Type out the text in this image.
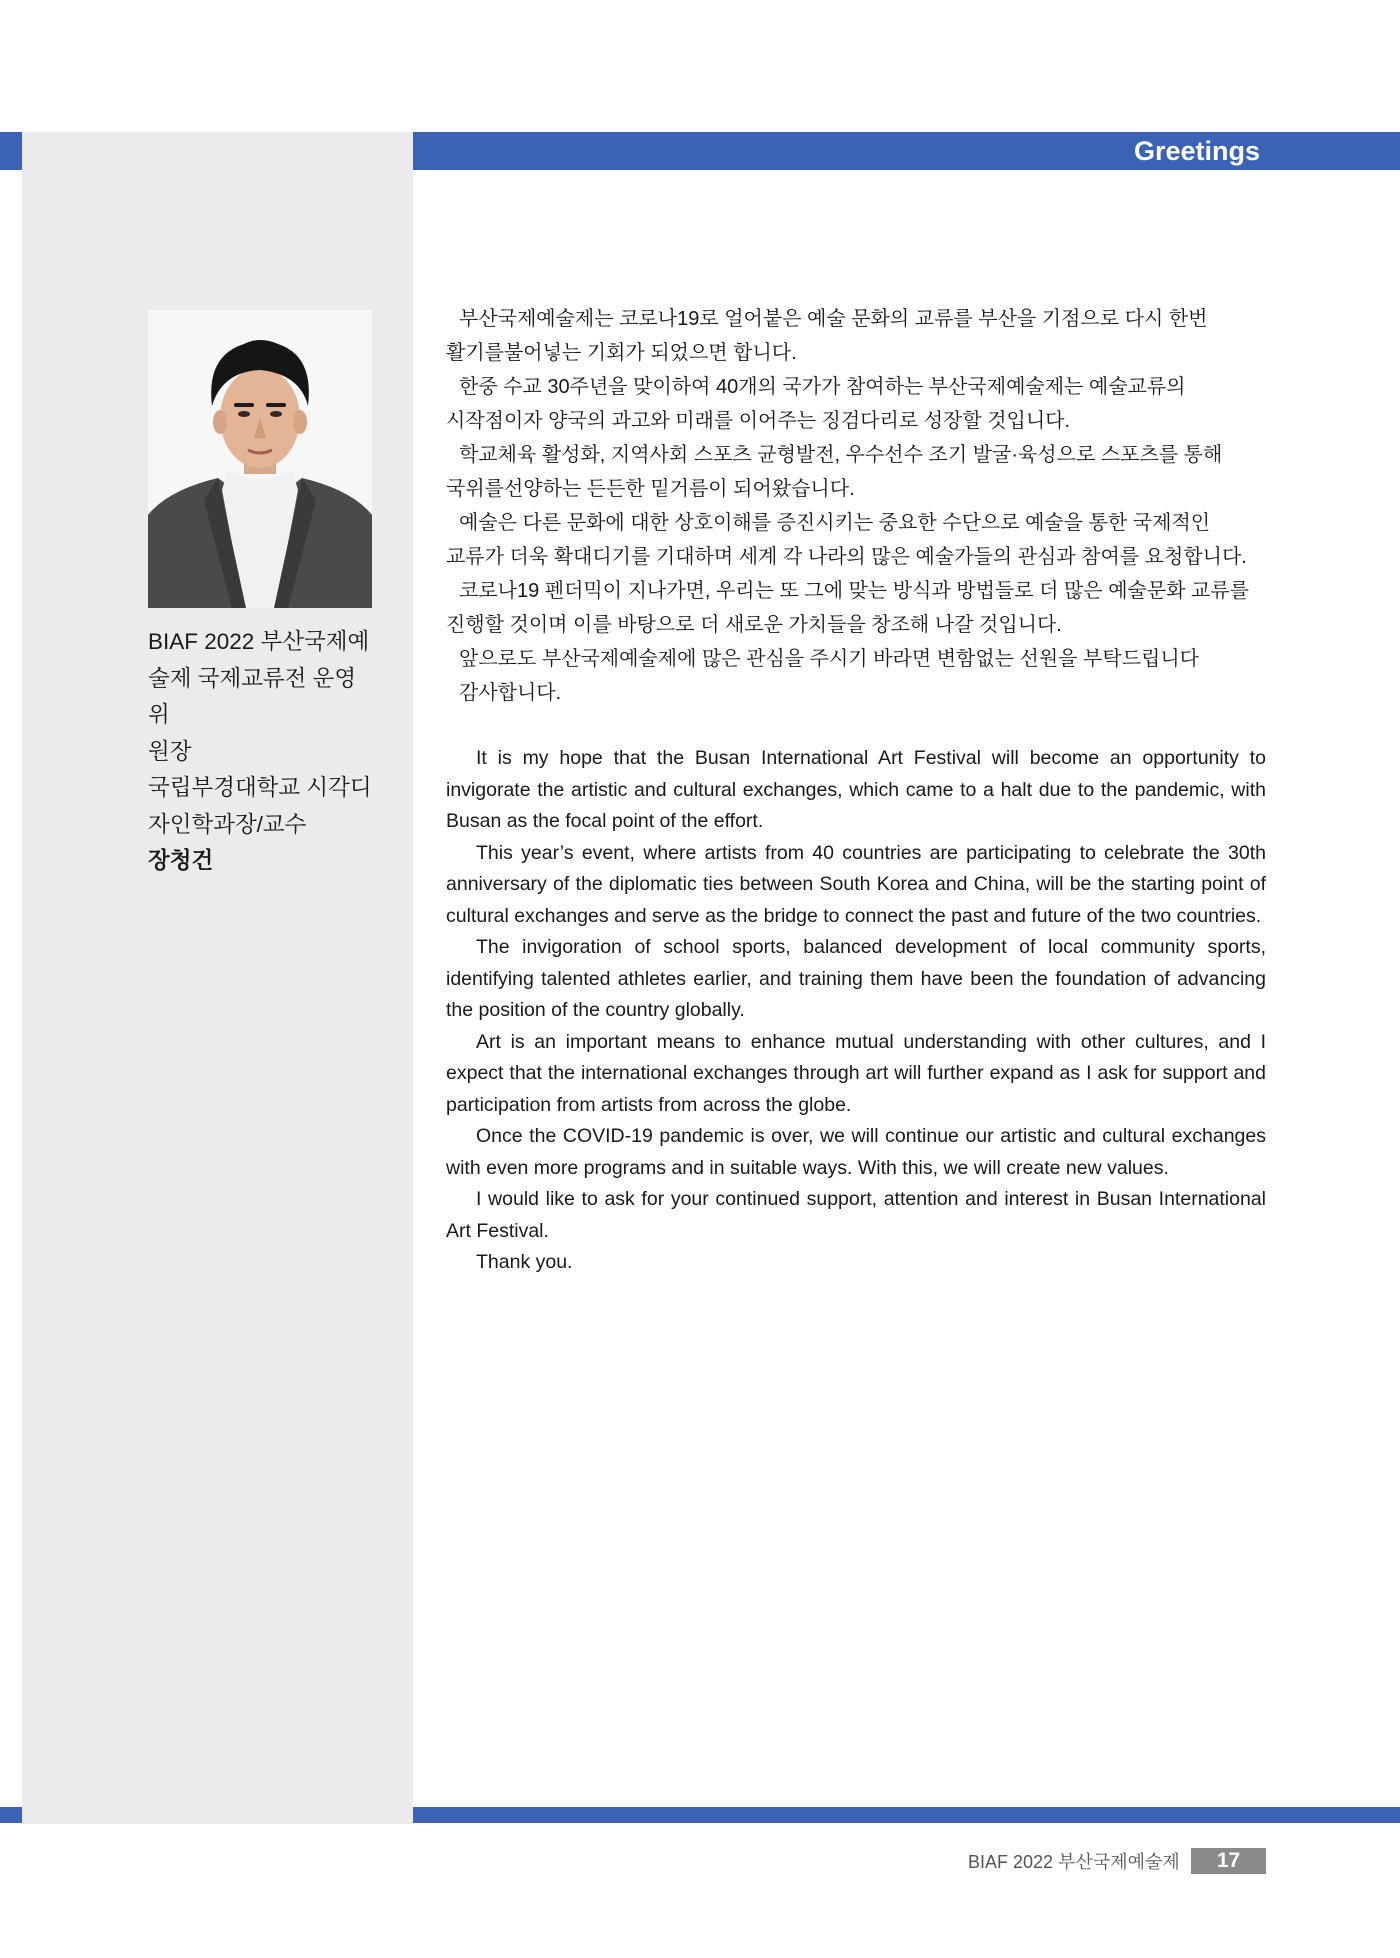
Greetings
BIAF 2022 부산국제예
술제 국제교류전 운영위
원장
국립부경대학교 시각디
자인학과장/교수
장청건

부산국제예술제는 코로나19로 얼어붙은 예술 문화의 교류를 부산을 기점으로 다시 한번 활기를불어넣는 기회가 되었으면 합니다.

한중 수교 30주년을 맞이하여 40개의 국가가 참여하는 부산국제예술제는 예술교류의 시작점이자 양국의 과고와 미래를 이어주는 징검다리로 성장할 것입니다.

학교체육 활성화, 지역사회 스포츠 균형발전, 우수선수 조기 발굴·육성으로 스포츠를 통해 국위를선양하는 든든한 밑거름이 되어왔습니다.

예술은 다른 문화에 대한 상호이해를 증진시키는 중요한 수단으로 예술을 통한 국제적인 교류가 더욱 확대디기를 기대하며 세계 각 나라의 많은 예술가들의 관심과 참여를 요청합니다.

코로나19 펜더믹이 지나가면, 우리는 또 그에 맞는 방식과 방법들로 더 많은 예술문화 교류를 진행할 것이며 이를 바탕으로 더 새로운 가치들을 창조해 나갈 것입니다.

앞으로도 부산국제예술제에 많은 관심을 주시기 바라면 변함없는 선원을 부탁드립니다

감사합니다.

It is my hope that the Busan International Art Festival will become an opportunity to invigorate the artistic and cultural exchanges, which came to a halt due to the pandemic, with Busan as the focal point of the effort.

This year’s event, where artists from 40 countries are participating to celebrate the 30th anniversary of the diplomatic ties between South Korea and China, will be the starting point of cultural exchanges and serve as the bridge to connect the past and future of the two countries.

The invigoration of school sports, balanced development of local community sports, identifying talented athletes earlier, and training them have been the foundation of advancing the position of the country globally.

Art is an important means to enhance mutual understanding with other cultures, and I expect that the international exchanges through art will further expand as I ask for support and participation from artists from across the globe.

Once the COVID-19 pandemic is over, we will continue our artistic and cultural exchanges with even more programs and in suitable ways. With this, we will create new values.

I would like to ask for your continued support, attention and interest in Busan International Art Festival.

Thank you.

BIAF 2022 부산국제예술제	17
